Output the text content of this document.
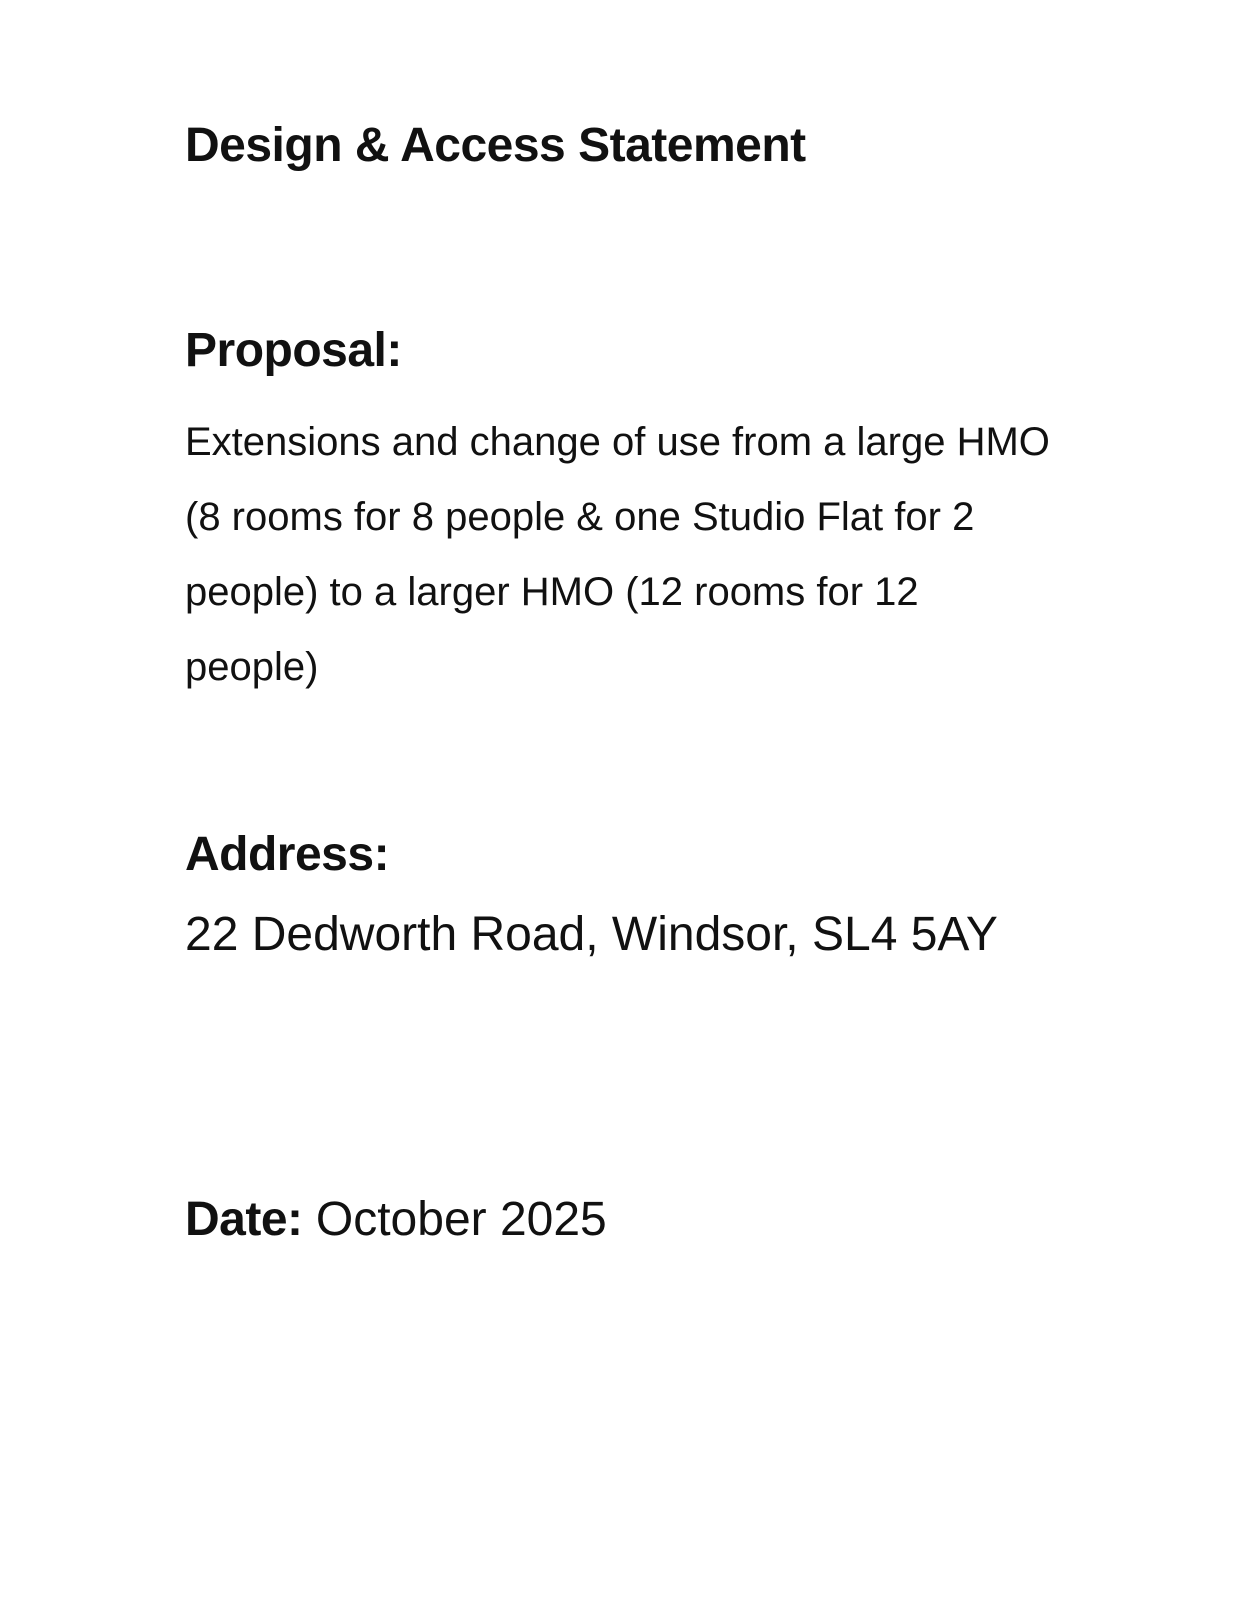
Design & Access Statement
Proposal:
Extensions and change of use from a large HMO
(8 rooms for 8 people & one Studio Flat for 2
people) to a larger HMO (12 rooms for 12
people)
Address:

22 Dedworth Road, Windsor, SL4 5AY

Date: October 2025
